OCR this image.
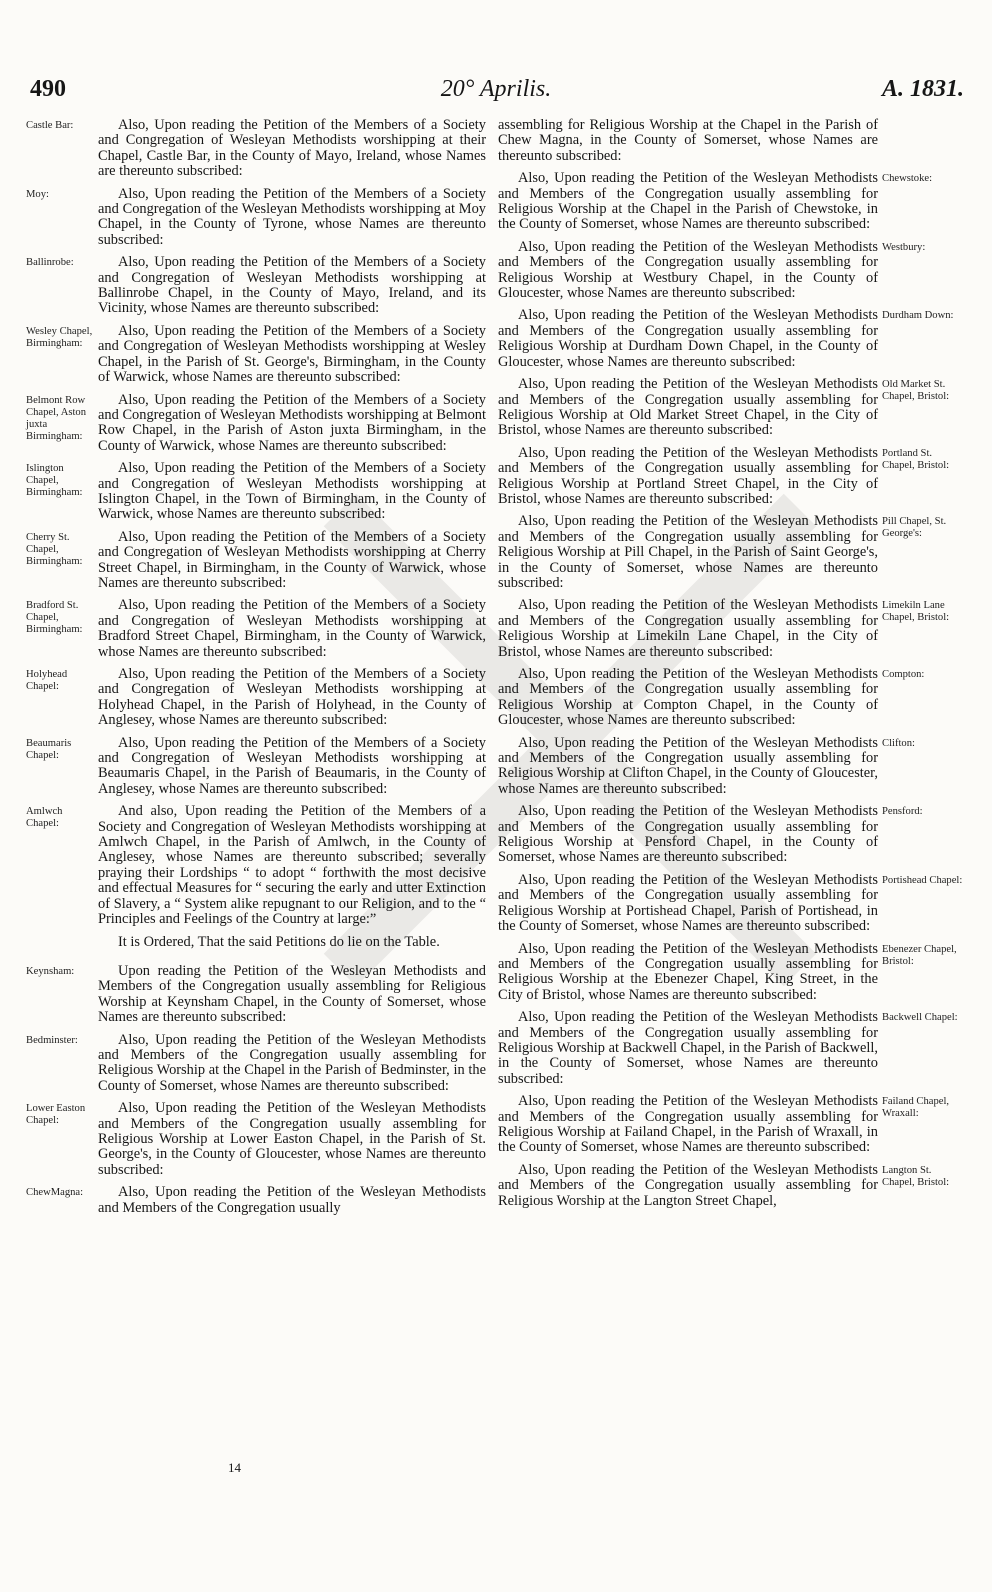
490	20° Aprilis.	A. 1831.

Castle Bar:	Also, Upon reading the Petition of the Members of a Society and Congregation of Wesleyan Methodists worshipping at their Chapel, Castle Bar, in the County of Mayo, Ireland, whose Names are thereunto subscribed:

Moy:	Also, Upon reading the Petition of the Members of a Society and Congregation of the Wesleyan Methodists worshipping at Moy Chapel, in the County of Tyrone, whose Names are thereunto subscribed:

Ballinrobe:	Also, Upon reading the Petition of the Members of a Society and Congregation of Wesleyan Methodists worshipping at Ballinrobe Chapel, in the County of Mayo, Ireland, and its Vicinity, whose Names are thereunto subscribed:

Wesley Chapel, Birmingham:
Also, Upon reading the Petition of the Members of a Society and Congregation of Wesleyan Methodists worshipping at Wesley Chapel, in the Parish of St. George's, Birmingham, in the County of Warwick, whose Names are thereunto subscribed:

Belmont Row Chapel, Aston juxta Birmingham:
Also, Upon reading the Petition of the Members of a Society and Congregation of Wesleyan Methodists worshipping at Belmont Row Chapel, in the Parish of Aston juxta Birmingham, in the County of Warwick, whose Names are thereunto subscribed:

Islington Chapel, Birmingham:
Also, Upon reading the Petition of the Members of a Society and Congregation of Wesleyan Methodists worshipping at Islington Chapel, in the Town of Birmingham, in the County of Warwick, whose Names are thereunto subscribed:

Cherry St. Chapel, Birmingham:
Also, Upon reading the Petition of the Members of a Society and Congregation of Wesleyan Methodists worshipping at Cherry Street Chapel, in Birmingham, in the County of Warwick, whose Names are thereunto subscribed:

Bradford St. Chapel, Birmingham:
Also, Upon reading the Petition of the Members of a Society and Congregation of Wesleyan Methodists worshipping at Bradford Street Chapel, Birmingham, in the County of Warwick, whose Names are thereunto subscribed:

Holyhead Chapel:
Also, Upon reading the Petition of the Members of a Society and Congregation of Wesleyan Methodists worshipping at Holyhead Chapel, in the Parish of Holyhead, in the County of Anglesey, whose Names are thereunto subscribed:

Beaumaris Chapel:
Also, Upon reading the Petition of the Members of a Society and Congregation of Wesleyan Methodists worshipping at Beaumaris Chapel, in the Parish of Beaumaris, in the County of Anglesey, whose Names are thereunto subscribed:

Amlwch Chapel:
And also, Upon reading the Petition of the Members of a Society and Congregation of Wesleyan Methodists worshipping at Amlwch Chapel, in the Parish of Amlwch, in the County of Anglesey, whose Names are thereunto subscribed; severally praying their Lordships “ to adopt “ forthwith the most decisive and effectual Measures for “ securing the early and utter Extinction of Slavery, a “ System alike repugnant to our Religion, and to the “ Principles and Feelings of the Country at large:”

It is Ordered, That the said Petitions do lie on the Table.

Keynsham:	Upon reading the Petition of the Wesleyan Methodists and Members of the Congregation usually assembling for Religious Worship at Keynsham Chapel, in the County of Somerset, whose Names are thereunto subscribed:

Bedminster:	Also, Upon reading the Petition of the Wesleyan Methodists and Members of the Congregation usually assembling for Religious Worship at the Chapel in the Parish of Bedminster, in the County of Somerset, whose Names are thereunto subscribed:

Lower Easton Chapel:
Also, Upon reading the Petition of the Wesleyan Methodists and Members of the Congregation usually assembling for Religious Worship at Lower Easton Chapel, in the Parish of St. George's, in the County of Gloucester, whose Names are thereunto subscribed:

ChewMagna:	Also, Upon reading the Petition of the Wesleyan Methodists and Members of the Congregation usually

assembling for Religious Worship at the Chapel in the Parish of Chew Magna, in the County of Somerset, whose Names are thereunto subscribed:

Chewstoke:
Also, Upon reading the Petition of the Wesleyan Methodists and Members of the Congregation usually assembling for Religious Worship at the Chapel in the Parish of Chewstoke, in the County of Somerset, whose Names are thereunto subscribed:

Westbury:
Also, Upon reading the Petition of the Wesleyan Methodists and Members of the Congregation usually assembling for Religious Worship at Westbury Chapel, in the County of Gloucester, whose Names are thereunto subscribed:

Durdham Down:
Also, Upon reading the Petition of the Wesleyan Methodists and Members of the Congregation usually assembling for Religious Worship at Durdham Down Chapel, in the County of Gloucester, whose Names are thereunto subscribed:

Old Market St. Chapel, Bristol:
Also, Upon reading the Petition of the Wesleyan Methodists and Members of the Congregation usually assembling for Religious Worship at Old Market Street Chapel, in the City of Bristol, whose Names are thereunto subscribed:

Portland St. Chapel, Bristol:
Also, Upon reading the Petition of the Wesleyan Methodists and Members of the Congregation usually assembling for Religious Worship at Portland Street Chapel, in the City of Bristol, whose Names are thereunto subscribed:

Pill Chapel, St. George's:
Also, Upon reading the Petition of the Wesleyan Methodists and Members of the Congregation usually assembling for Religious Worship at Pill Chapel, in the Parish of Saint George's, in the County of Somerset, whose Names are thereunto subscribed:

Limekiln Lane Chapel, Bristol:
Also, Upon reading the Petition of the Wesleyan Methodists and Members of the Congregation usually assembling for Religious Worship at Limekiln Lane Chapel, in the City of Bristol, whose Names are thereunto subscribed:

Compton:
Also, Upon reading the Petition of the Wesleyan Methodists and Members of the Congregation usually assembling for Religious Worship at Compton Chapel, in the County of Gloucester, whose Names are thereunto subscribed:

Clifton:
Also, Upon reading the Petition of the Wesleyan Methodists and Members of the Congregation usually assembling for Religious Worship at Clifton Chapel, in the County of Gloucester, whose Names are thereunto subscribed:

Pensford:
Also, Upon reading the Petition of the Wesleyan Methodists and Members of the Congregation usually assembling for Religious Worship at Pensford Chapel, in the County of Somerset, whose Names are thereunto subscribed:

Portishead Chapel:
Also, Upon reading the Petition of the Wesleyan Methodists and Members of the Congregation usually assembling for Religious Worship at Portishead Chapel, Parish of Portishead, in the County of Somerset, whose Names are thereunto subscribed:

Ebenezer Chapel, Bristol:
Also, Upon reading the Petition of the Wesleyan Methodists and Members of the Congregation usually assembling for Religious Worship at the Ebenezer Chapel, King Street, in the City of Bristol, whose Names are thereunto subscribed:

Backwell Chapel:
Also, Upon reading the Petition of the Wesleyan Methodists and Members of the Congregation usually assembling for Religious Worship at Backwell Chapel, in the Parish of Backwell, in the County of Somerset, whose Names are thereunto subscribed:

Failand Chapel, Wraxall:
Also, Upon reading the Petition of the Wesleyan Methodists and Members of the Congregation usually assembling for Religious Worship at Failand Chapel, in the Parish of Wraxall, in the County of Somerset, whose Names are thereunto subscribed:

Langton St. Chapel, Bristol:
Also, Upon reading the Petition of the Wesleyan Methodists and Members of the Congregation usually assembling for Religious Worship at the Langton Street Chapel,

14
